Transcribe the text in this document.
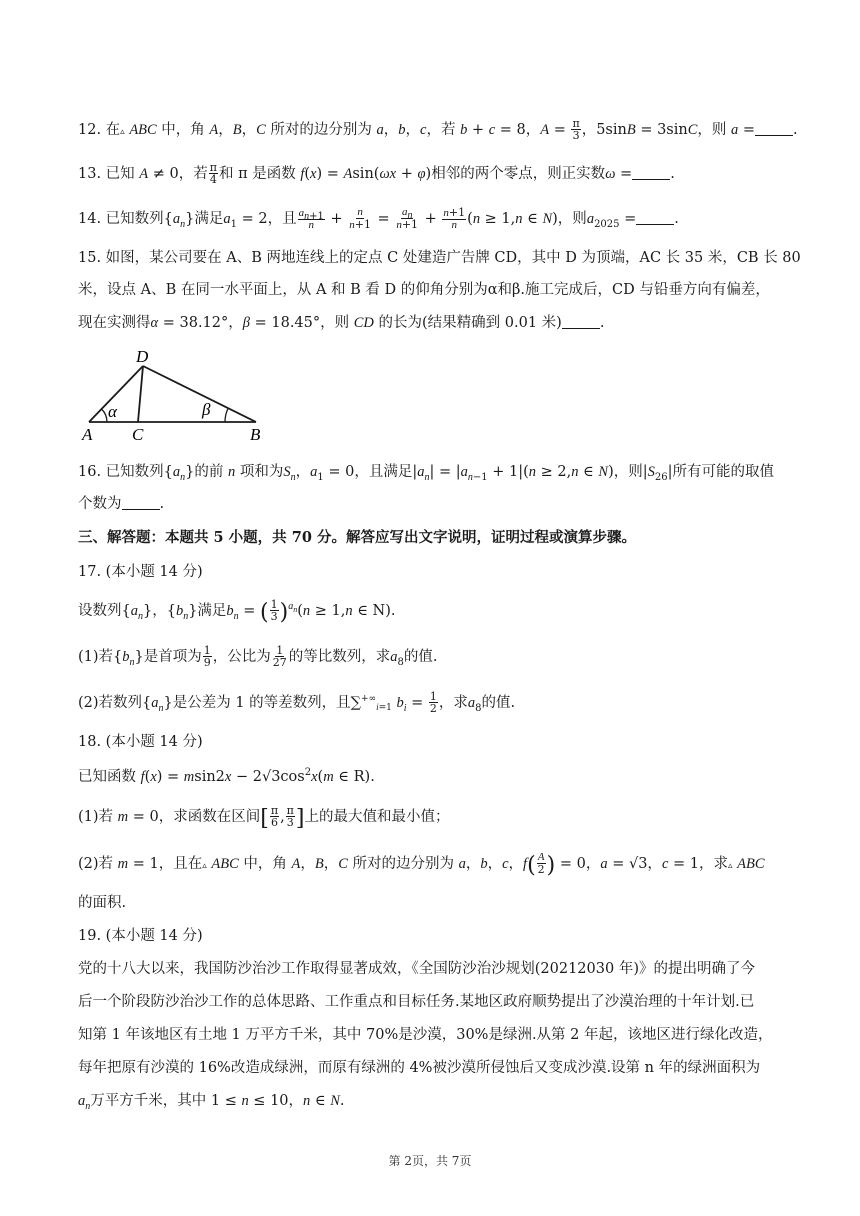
12. 在▵ ABC 中，角 A，B，C 所对的边分别为 a，b，c，若 b + c = 8，$A = \frac{\pi}{3}$ ，5sinB = 3sinC，则 a =	.
13. 已知 A ≠ 0，若 $\frac{\pi}{4}$ 和 π 是函数 f(x) = Asin(ωx + φ)相邻的两个零点，则正实数ω =	.
14. 已知数列$\{a_n\}$满足$a_1 = 2$，且 $\frac{a_{n+1}}{n} + \frac{n}{n+1} = \frac{a_n}{n+1} + \frac{n+1}{n} (n \ge 1,n$ ∈ N)，则$a_{2025}$ =	.
15. 如图，某公司要在 A、B 两地连线上的定点 C 处建造广告牌 CD，其中 D 为顶端，AC 长 35 米，CB 长 80
米，设点 A、B 在同一水平面上，从 A 和 B 看 D 的仰角分别为α和β.施工完成后，CD 与铅垂方向有偏差，
现在实测得α = 38.12°，β = 18.45°，则 CD 的长为(结果精确到 0.01 米)	.
D
A C	B
α	β
16. 已知数列$\{a_n\}$的前 n 项和为$S_n$，$a_1 = 0$，且满足$|a_n| = |a_{n-1} + 1|(n \ge 2,n$ ∈ N)，则$|S_{26}|$所有可能的取值
个数为	.
三、解答题：本题共 5 小题，共 70 分。解答应写出文字说明，证明过程或演算步骤。
17. (本小题 14 分)
设数列$\{a_n\}$，$\{b_n\}$满足$b_n$ = ( $\frac{1}{3} )^{a_n}(n \ge 1,n$ ∈ N).
(1)若$\{b_n\}$是首项为 $\frac{1}{9}$ ，公比为 $\frac{1}{27}$ 的等比数列，求$a_8$的值.
(2)若数列$\{a_n\}$是公差为 1 的等差数列，且$\sum^{+\infty}_{i=1}$ $b_i = \frac{1}{2}$ ，求$a_8$的值.
18. (本小题 14 分)
已知函数 $f(x) = msin2x - 2√3\cos^2x(m$ ∈ R).
(1)若 m = 0，求函数在区间[ $\frac{\pi}{6}$ , $\frac{\pi}{3}$ ]上的最大值和最小值；
(2)若 m = 1，且在▵ ABC 中，角 A，B，C 所对的边分别为 a，b，c，$f( \frac{A}{2}$ ) = 0，a = √3，c = 1，求▵ ABC
的面积.
19. (本小题 14 分)
党的十八大以来，我国防沙治沙工作取得显著成效，《全国防沙治沙规划(20212030 年)》的提出明确了今
后一个阶段防沙治沙工作的总体思路、工作重点和目标任务.某地区政府顺势提出了沙漠治理的十年计划.已
知第 1 年该地区有土地 1 万平方千米，其中 70%是沙漠，30%是绿洲.从第 2 年起，该地区进行绿化改造，
每年把原有沙漠的 16%改造成绿洲，而原有绿洲的 4%被沙漠所侵蚀后又变成沙漠.设第 n 年的绿洲面积为
$a_n$万平方千米，其中 1 ≤ n ≤ 10，n ∈ N.
第 2页，共 7页
